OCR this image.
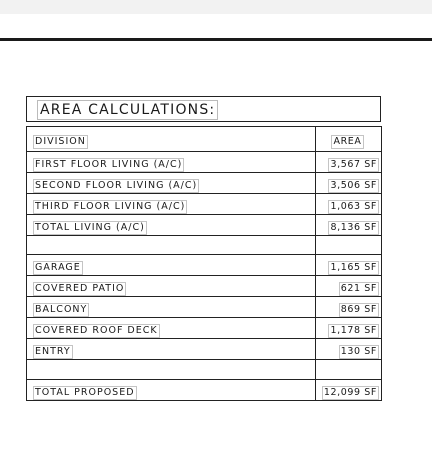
AREA CALCULATIONS:
DIVISION	AREA
FIRST FLOOR LIVING (A/C)	3,567 SF
SECOND FLOOR LIVING (A/C)	3,506 SF
THIRD FLOOR LIVING (A/C)	1,063 SF
TOTAL LIVING (A/C)	8,136 SF

GARAGE	1,165 SF
COVERED PATIO	621 SF
BALCONY	869 SF
COVERED ROOF DECK	1,178 SF
ENTRY	130 SF

TOTAL PROPOSED	12,099 SF
